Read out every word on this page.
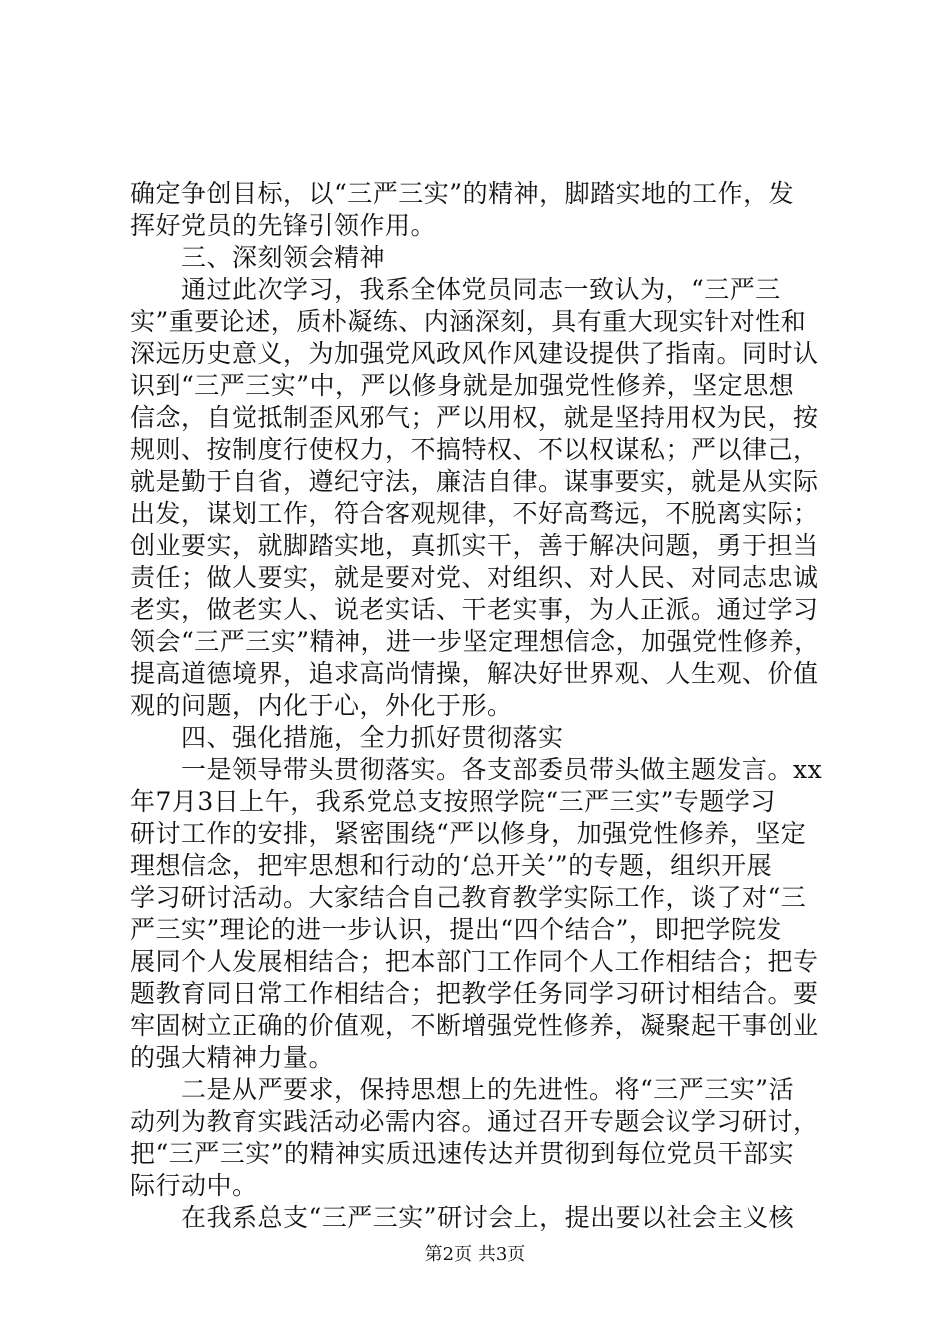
确定争创目标，以“三严三实”的精神，脚踏实地的工作，发
挥好党员的先锋引领作用。
　　三、深刻领会精神
　　通过此次学习，我系全体党员同志一致认为，“三严三
实”重要论述，质朴凝练、内涵深刻，具有重大现实针对性和
深远历史意义，为加强党风政风作风建设提供了指南。同时认
识到“三严三实”中，严以修身就是加强党性修养，坚定思想
信念，自觉抵制歪风邪气；严以用权，就是坚持用权为民，按
规则、按制度行使权力，不搞特权、不以权谋私；严以律己，
就是勤于自省，遵纪守法，廉洁自律。谋事要实，就是从实际
出发，谋划工作，符合客观规律，不好高骛远，不脱离实际；
创业要实，就脚踏实地，真抓实干，善于解决问题，勇于担当
责任；做人要实，就是要对党、对组织、对人民、对同志忠诚
老实，做老实人、说老实话、干老实事，为人正派。通过学习
领会“三严三实”精神，进一步坚定理想信念，加强党性修养，
提高道德境界，追求高尚情操，解决好世界观、人生观、价值
观的问题，内化于心，外化于形。
　　四、强化措施，全力抓好贯彻落实
　　一是领导带头贯彻落实。各支部委员带头做主题发言。xx
年7月3日上午，我系党总支按照学院“三严三实”专题学习
研讨工作的安排，紧密围绕“严以修身，加强党性修养，坚定
理想信念，把牢思想和行动的‘总开关’”的专题，组织开展
学习研讨活动。大家结合自己教育教学实际工作，谈了对“三
严三实”理论的进一步认识，提出“四个结合”，即把学院发
展同个人发展相结合；把本部门工作同个人工作相结合；把专
题教育同日常工作相结合；把教学任务同学习研讨相结合。要
牢固树立正确的价值观，不断增强党性修养，凝聚起干事创业
的强大精神力量。
　　二是从严要求，保持思想上的先进性。将“三严三实”活
动列为教育实践活动必需内容。通过召开专题会议学习研讨，
把“三严三实”的精神实质迅速传达并贯彻到每位党员干部实
际行动中。
　　在我系总支“三严三实”研讨会上，提出要以社会主义核
第2页 共3页
